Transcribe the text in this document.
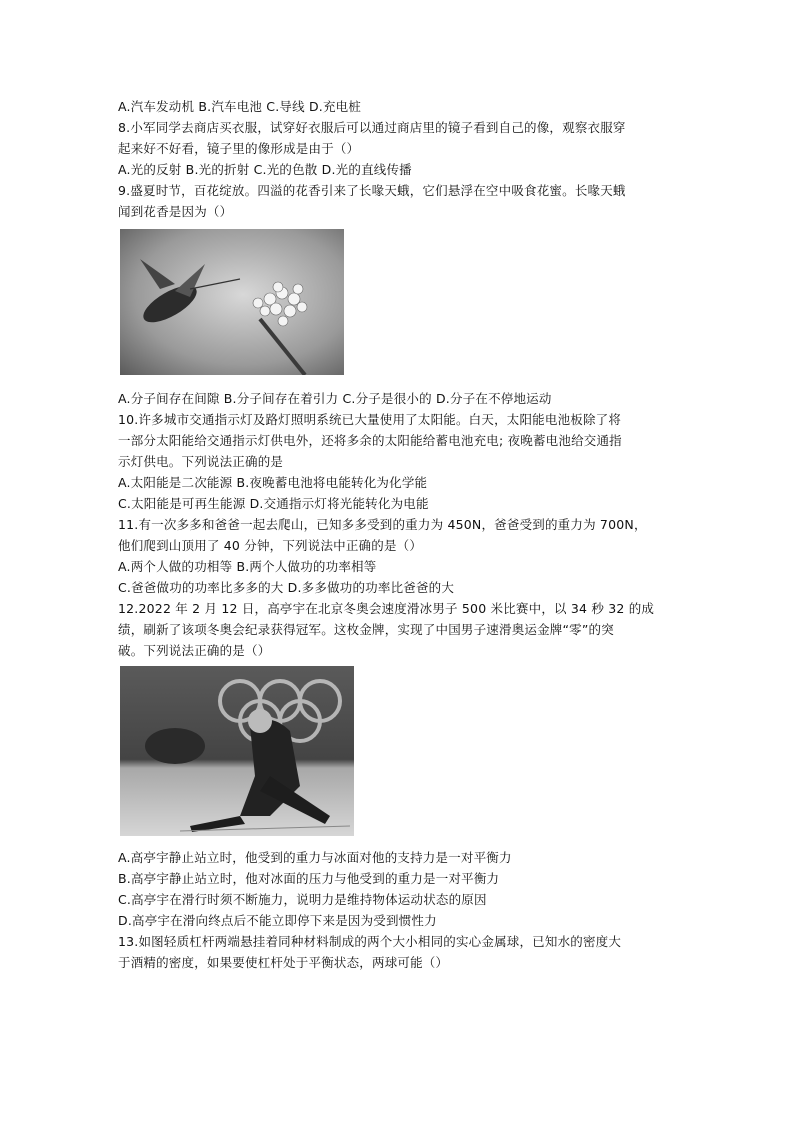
A.汽车发动机 B.汽车电池 C.导线 D.充电桩
8.小军同学去商店买衣服，试穿好衣服后可以通过商店里的镜子看到自己的像，观察衣服穿
起来好不好看，镜子里的像形成是由于（）
A.光的反射 B.光的折射 C.光的色散 D.光的直线传播
9.盛夏时节，百花绽放。四溢的花香引来了长喙天蛾，它们悬浮在空中吸食花蜜。长喙天蛾
闻到花香是因为（）
A.分子间存在间隙 B.分子间存在着引力 C.分子是很小的 D.分子在不停地运动
10.许多城市交通指示灯及路灯照明系统已大量使用了太阳能。白天，太阳能电池板除了将
一部分太阳能给交通指示灯供电外，还将多余的太阳能给蓄电池充电; 夜晚蓄电池给交通指
示灯供电。下列说法正确的是
A.太阳能是二次能源 B.夜晚蓄电池将电能转化为化学能
C.太阳能是可再生能源 D.交通指示灯将光能转化为电能
11.有一次多多和爸爸一起去爬山，已知多多受到的重力为 450N，爸爸受到的重力为 700N，
他们爬到山顶用了 40 分钟，下列说法中正确的是（）
A.两个人做的功相等 B.两个人做功的功率相等
C.爸爸做功的功率比多多的大 D.多多做功的功率比爸爸的大
12.2022 年 2 月 12 日，高亭宇在北京冬奥会速度滑冰男子 500 米比赛中，以 34 秒 32 的成
绩，刷新了该项冬奥会纪录获得冠军。这枚金牌，实现了中国男子速滑奥运金牌“零”的突
破。下列说法正确的是（）
A.高亭宇静止站立时，他受到的重力与冰面对他的支持力是一对平衡力
B.高亭宇静止站立时，他对冰面的压力与他受到的重力是一对平衡力
C.高亭宇在滑行时须不断施力，说明力是维持物体运动状态的原因
D.高亭宇在滑向终点后不能立即停下来是因为受到惯性力
13.如图轻质杠杆两端悬挂着同种材料制成的两个大小相同的实心金属球，已知水的密度大
于酒精的密度，如果要使杠杆处于平衡状态，两球可能（）
